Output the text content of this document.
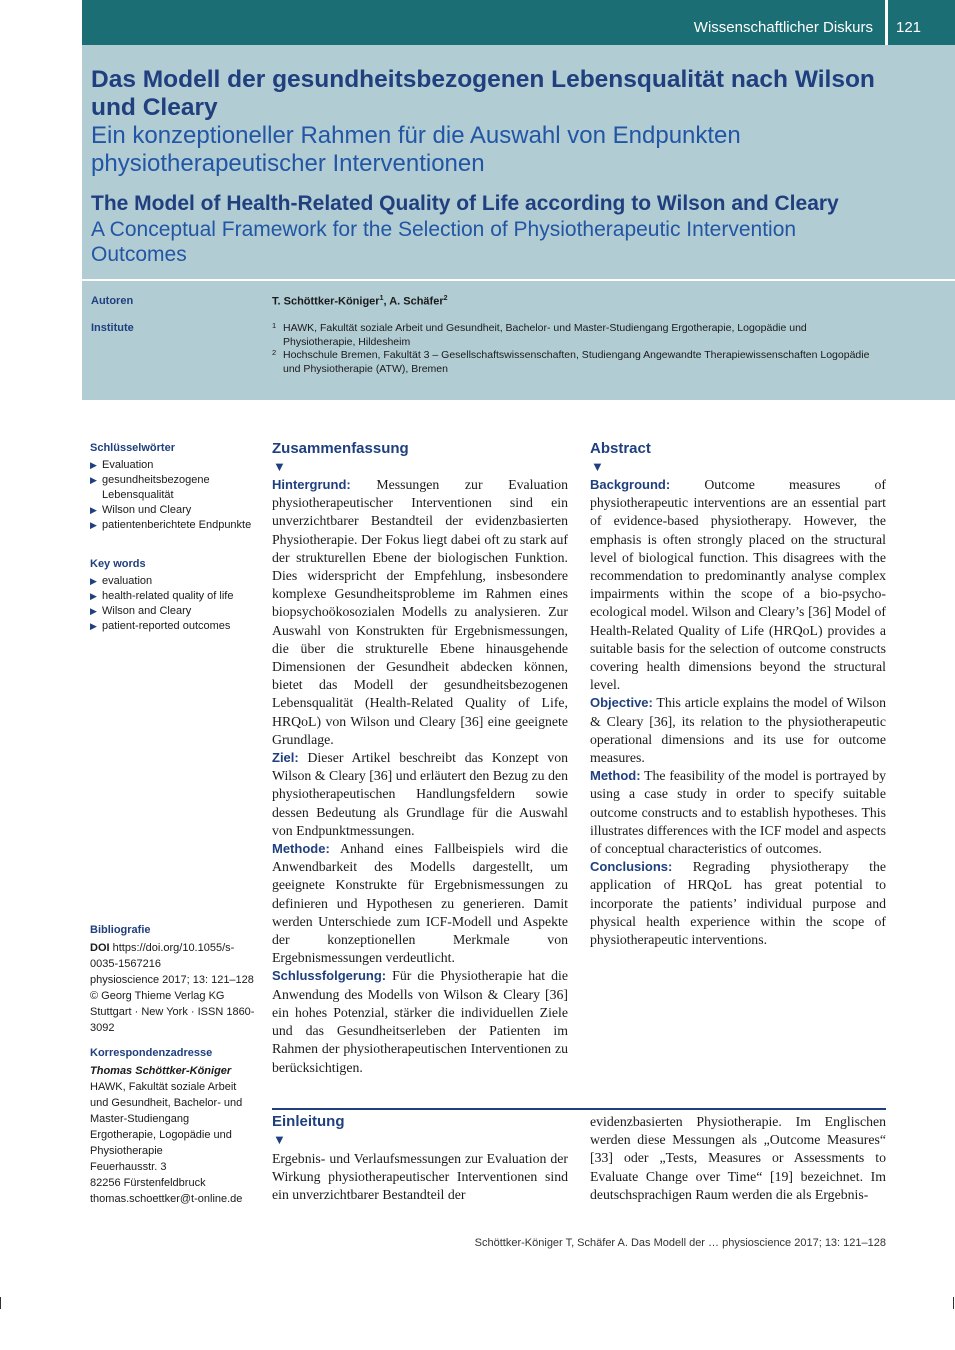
Wissenschaftlicher Diskurs 121
Das Modell der gesundheitsbezogenen Lebensqualität nach Wilson und Cleary
Ein konzeptioneller Rahmen für die Auswahl von Endpunkten physiotherapeutischer Interventionen
The Model of Health-Related Quality of Life according to Wilson and Cleary
A Conceptual Framework for the Selection of Physiotherapeutic Intervention Outcomes
Autoren	T. Schöttker-Königer$^1$, A. Schäfer$^2$
Institute	1 HAWK, Fakultät soziale Arbeit und Gesundheit, Bachelor- und Master-Studiengang Ergotherapie, Logopädie und Physiotherapie, Hildesheim
2 Hochschule Bremen, Fakultät 3 – Gesellschaftswissenschaften, Studiengang Angewandte Therapiewissenschaften Logopädie und Physiotherapie (ATW), Bremen
Schlüsselwörter
▶ Evaluation
▶ gesundheitsbezogene Lebensqualität
▶ Wilson und Cleary
▶ patientenberichtete Endpunkte
Key words
▶ evaluation
▶ health-related quality of life
▶ Wilson and Cleary
▶ patient-reported outcomes
Bibliografie
DOI https://doi.org/10.1055/s-0035-1567216
physioscience 2017; 13: 121–128 © Georg Thieme Verlag KG Stuttgart · New York · ISSN 1860-3092
Korrespondenzadresse
Thomas Schöttker-Königer
HAWK, Fakultät soziale Arbeit und Gesundheit, Bachelor- und Master-Studiengang Ergotherapie, Logopädie und Physiotherapie
Feuerhausstr. 3
82256 Fürstenfeldbruck
thomas.schoettker@t-online.de
Zusammenfassung
▼

Hintergrund: Messungen zur Evaluation physiotherapeutischer Interventionen sind ein unverzichtbarer Bestandteil der evidenzbasierten Physiotherapie. Der Fokus liegt dabei oft zu stark auf der strukturellen Ebene der biologischen Funktion. Dies widerspricht der Empfehlung, insbesondere komplexe Gesundheitsprobleme im Rahmen eines biopsychoökosozialen Modells zu analysieren. Zur Auswahl von Konstrukten für Ergebnismessungen, die über die strukturelle Ebene hinausgehende Dimensionen der Gesundheit abdecken können, bietet das Modell der gesundheitsbezogenen Lebensqualität (Health-Related Quality of Life, HRQoL) von Wilson und Cleary [36] eine geeignete Grundlage.

Ziel: Dieser Artikel beschreibt das Konzept von Wilson & Cleary [36] und erläutert den Bezug zu den physiotherapeutischen Handlungsfeldern sowie dessen Bedeutung als Grundlage für die Auswahl von Endpunktmessungen.

Methode: Anhand eines Fallbeispiels wird die Anwendbarkeit des Modells dargestellt, um geeignete Konstrukte für Ergebnismessungen zu definieren und Hypothesen zu generieren. Damit werden Unterschiede zum ICF-Modell und Aspekte der konzeptionellen Merkmale von Ergebnismessungen verdeutlicht.

Schlussfolgerung: Für die Physiotherapie hat die Anwendung des Modells von Wilson & Cleary [36] ein hohes Potenzial, stärker die individuellen Ziele und das Gesundheitserleben der Patienten im Rahmen der physiotherapeutischen Interventionen zu berücksichtigen.

Abstract
▼

Background: Outcome measures of physiotherapeutic interventions are an essential part of evidence-based physiotherapy. However, the emphasis is often strongly placed on the structural level of biological function. This disagrees with the recommendation to predominantly analyse complex impairments within the scope of a bio-psycho-ecological model. Wilson and Cleary’s [36] Model of Health-Related Quality of Life (HRQoL) provides a suitable basis for the selection of outcome constructs covering health dimensions beyond the structural level.

Objective: This article explains the model of Wilson & Cleary [36], its relation to the physiotherapeutic operational dimensions and its use for outcome measures.

Method: The feasibility of the model is portrayed by using a case study in order to specify suitable outcome constructs and to establish hypotheses. This illustrates differences with the ICF model and aspects of conceptual characteristics of outcomes.

Conclusions: Regrading physiotherapy the application of HRQoL has great potential to incorporate the patients’ individual purpose and physical health experience within the scope of physiotherapeutic interventions.

Einleitung
▼

Ergebnis- und Verlaufsmessungen zur Evaluation der Wirkung physiotherapeutischer Interventionen sind ein unverzichtbarer Bestandteil der

evidenzbasierten Physiotherapie. Im Englischen werden diese Messungen als „Outcome Measures“ [33] oder „Tests, Measures or Assessments to Evaluate Change over Time“ [19] bezeichnet. Im deutschsprachigen Raum werden die als Ergebnis-

Schöttker-Königer T, Schäfer A. Das Modell der … physioscience 2017; 13: 121–128
